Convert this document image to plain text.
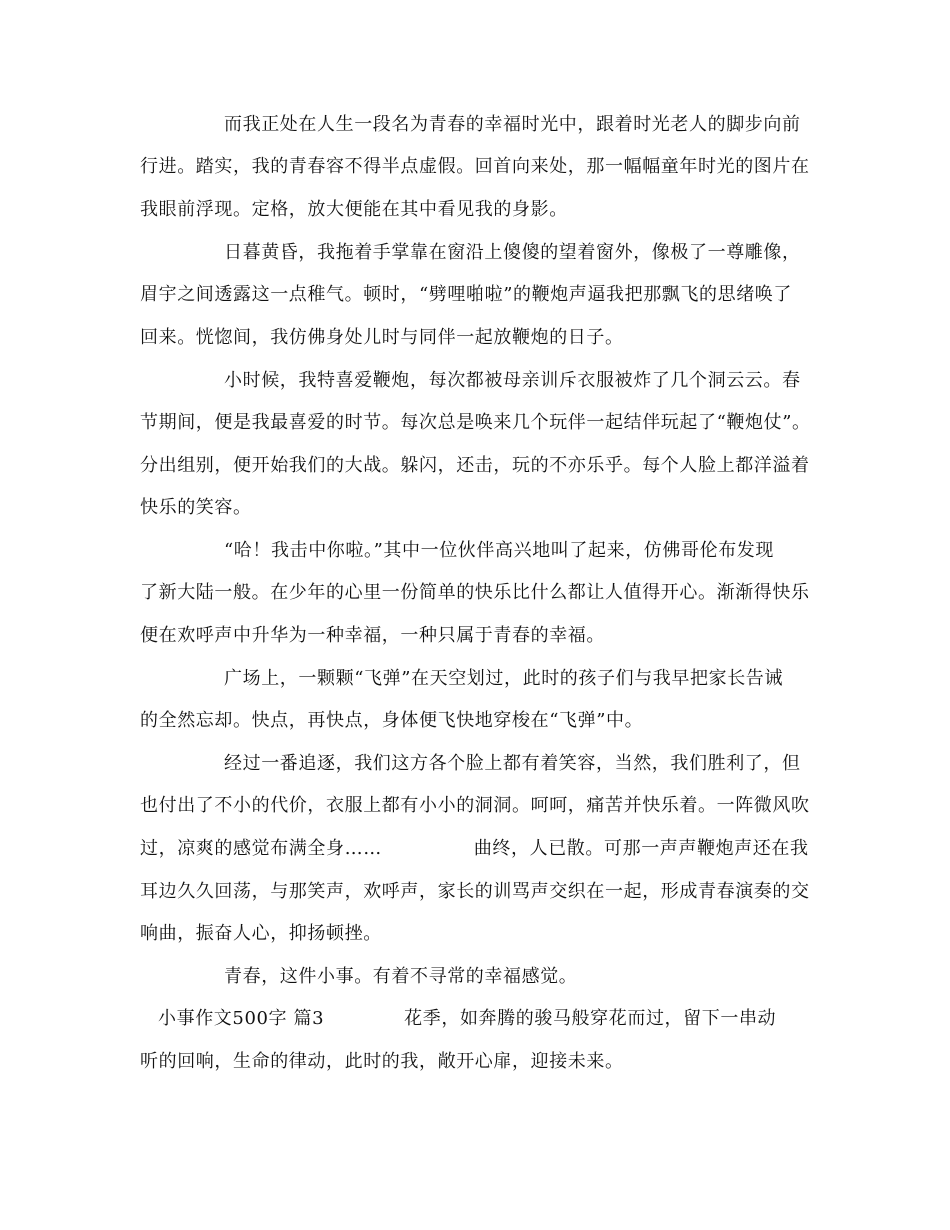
而我正处在人生一段名为青春的幸福时光中，跟着时光老人的脚步向前
行进。踏实，我的青春容不得半点虚假。回首向来处，那一幅幅童年时光的图片在
我眼前浮现。定格，放大便能在其中看见我的身影。
日暮黄昏，我拖着手掌靠在窗沿上傻傻的望着窗外，像极了一尊雕像，
眉宇之间透露这一点稚气。顿时，“劈哩啪啦”的鞭炮声逼我把那飘飞的思绪唤了
回来。恍惚间，我仿佛身处儿时与同伴一起放鞭炮的日子。
小时候，我特喜爱鞭炮，每次都被母亲训斥衣服被炸了几个洞云云。春
节期间，便是我最喜爱的时节。每次总是唤来几个玩伴一起结伴玩起了“鞭炮仗”。
分出组别，便开始我们的大战。躲闪，还击，玩的不亦乐乎。每个人脸上都洋溢着
快乐的笑容。
“哈！我击中你啦。”其中一位伙伴高兴地叫了起来，仿佛哥伦布发现
了新大陆一般。在少年的心里一份简单的快乐比什么都让人值得开心。渐渐得快乐
便在欢呼声中升华为一种幸福，一种只属于青春的幸福。
广场上，一颗颗“飞弹”在天空划过，此时的孩子们与我早把家长告诫
的全然忘却。快点，再快点，身体便飞快地穿梭在“飞弹”中。
经过一番追逐，我们这方各个脸上都有着笑容，当然，我们胜利了，但
也付出了不小的代价，衣服上都有小小的洞洞。呵呵，痛苦并快乐着。一阵微风吹
过，凉爽的感觉布满全身……	曲终，人已散。可那一声声鞭炮声还在我
耳边久久回荡，与那笑声，欢呼声，家长的训骂声交织在一起，形成青春演奏的交
响曲，振奋人心，抑扬顿挫。
青春，这件小事。有着不寻常的幸福感觉。
小事作文500字 篇3	花季，如奔腾的骏马般穿花而过，留下一串动
听的回响，生命的律动，此时的我，敞开心扉，迎接未来。
